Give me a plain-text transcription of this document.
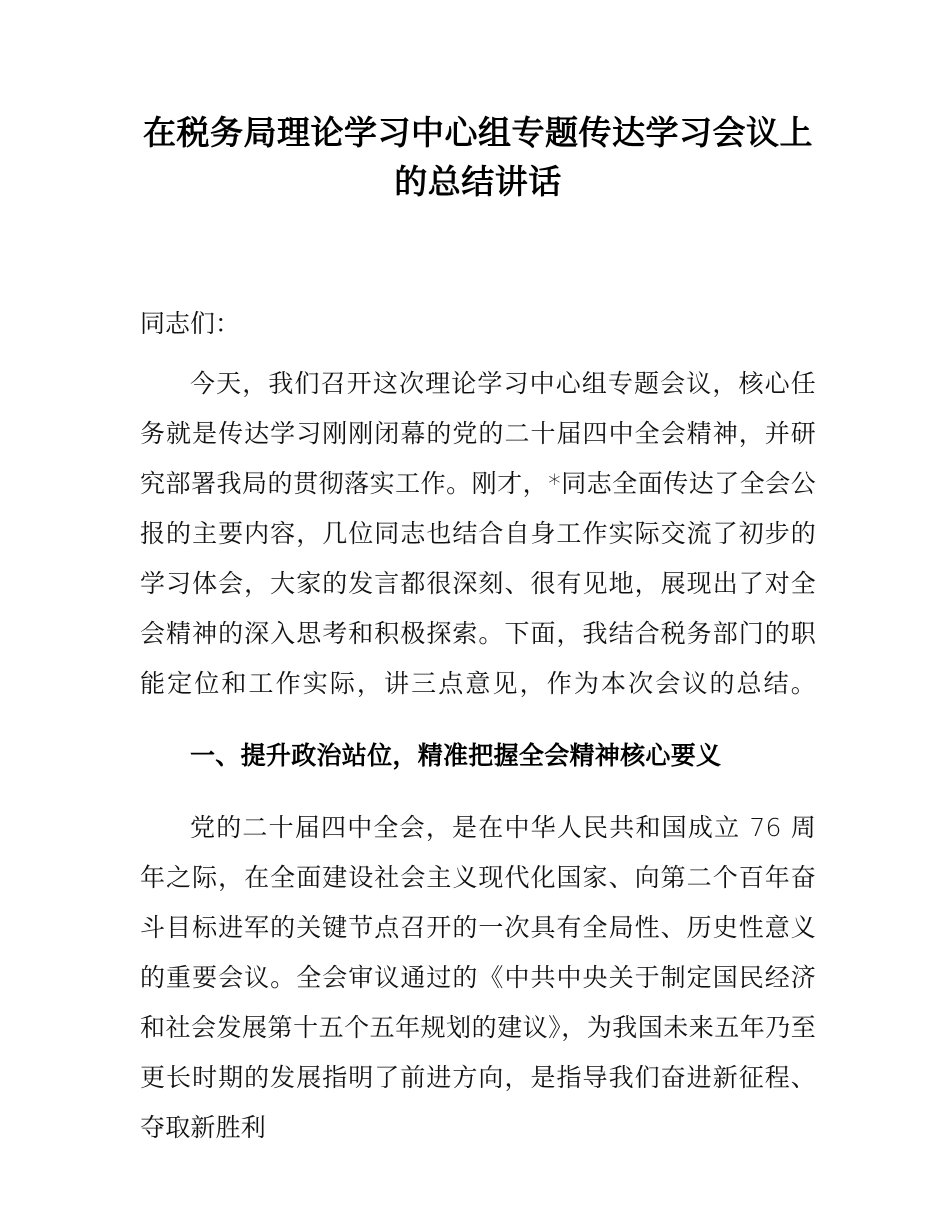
在税务局理论学习中心组专题传达学习会议上的总结讲话

同志们：

今天，我们召开这次理论学习中心组专题会议，核心任务就是传达学习刚刚闭幕的党的二十届四中全会精神，并研究部署我局的贯彻落实工作。刚才，*同志全面传达了全会公报的主要内容，几位同志也结合自身工作实际交流了初步的学习体会，大家的发言都很深刻、很有见地，展现出了对全会精神的深入思考和积极探索。下面，我结合税务部门的职能定位和工作实际，讲三点意见，作为本次会议的总结。

一、提升政治站位，精准把握全会精神核心要义

党的二十届四中全会，是在中华人民共和国成立 76 周年之际，在全面建设社会主义现代化国家、向第二个百年奋斗目标进军的关键节点召开的一次具有全局性、历史性意义的重要会议。全会审议通过的《中共中央关于制定国民经济和社会发展第十五个五年规划的建议》，为我国未来五年乃至更长时期的发展指明了前进方向，是指导我们奋进新征程、夺取新胜利
